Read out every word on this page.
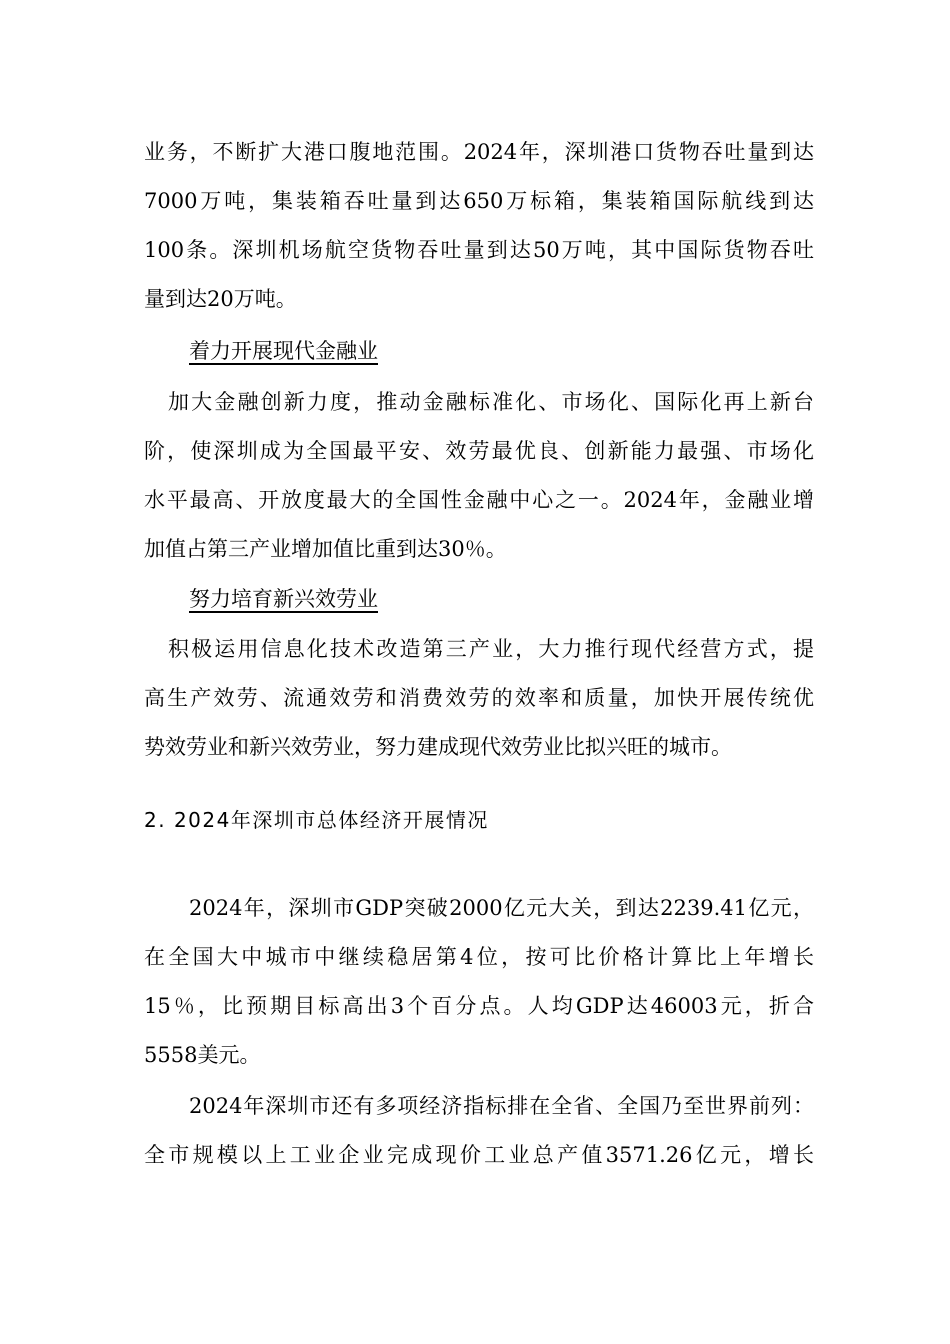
业务，不断扩大港口腹地范围。2024年，深圳港口货物吞吐量到达
7000万吨，集装箱吞吐量到达650万标箱，集装箱国际航线到达
100条。深圳机场航空货物吞吐量到达50万吨，其中国际货物吞吐
量到达20万吨。
着力开展现代金融业
加大金融创新力度，推动金融标准化、市场化、国际化再上新台
阶，使深圳成为全国最平安、效劳最优良、创新能力最强、市场化
水平最高、开放度最大的全国性金融中心之一。2024年，金融业增
加值占第三产业增加值比重到达30％。
努力培育新兴效劳业
积极运用信息化技术改造第三产业，大力推行现代经营方式，提
高生产效劳、流通效劳和消费效劳的效率和质量，加快开展传统优
势效劳业和新兴效劳业，努力建成现代效劳业比拟兴旺的城市。
2. 2024年深圳市总体经济开展情况
2024年，深圳市GDP突破2000亿元大关，到达2239.41亿元，
在全国大中城市中继续稳居第4位，按可比价格计算比上年增长
15％，比预期目标高出3个百分点。人均GDP达46003元，折合
5558美元。
2024年深圳市还有多项经济指标排在全省、全国乃至世界前列：
全市规模以上工业企业完成现价工业总产值3571.26亿元，增长
